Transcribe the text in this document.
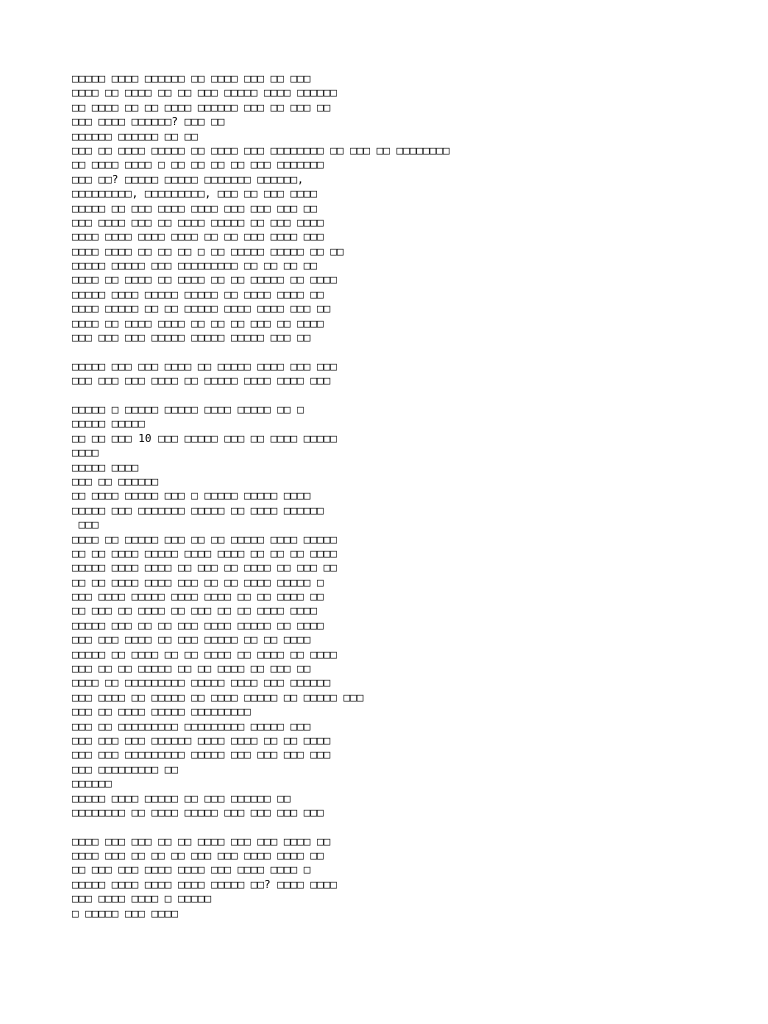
□□□□□ □□□□ □□□□□□ □□ □□□□ □□□ □□ □□□
□□□□ □□ □□□□ □□ □□ □□□ □□□□□ □□□□ □□□□□□
□□ □□□□ □□ □□ □□□□ □□□□□□ □□□ □□ □□□ □□
□□□ □□□□ □□□□□□? □□□ □□
□□□□□□ □□□□□□ □□ □□
□□□ □□ □□□□ □□□□□ □□ □□□□ □□□ □□□□□□□□ □□ □□□ □□ □□□□□□□□
□□ □□□□ □□□□ □ □□ □□ □□ □□ □□□ □□□□□□□
□□□ □□? □□□□□ □□□□□ □□□□□□□ □□□□□□,
□□□□□□□□□, □□□□□□□□□, □□□ □□ □□□ □□□□
□□□□□ □□ □□□ □□□□ □□□□ □□□ □□□ □□□ □□
□□□ □□□□ □□□ □□ □□□□ □□□□□ □□ □□□ □□□□
□□□□ □□□□ □□□□ □□□□ □□ □□ □□□ □□□□ □□□
□□□□ □□□□ □□ □□ □□ □ □□ □□□□□ □□□□□ □□ □□
□□□□□ □□□□□ □□□ □□□□□□□□□ □□ □□ □□ □□
□□□□ □□ □□□□ □□ □□□□ □□ □□ □□□□□ □□ □□□□
□□□□□ □□□□ □□□□□ □□□□□ □□ □□□□ □□□□ □□
□□□□ □□□□□ □□ □□ □□□□□ □□□□ □□□□ □□□ □□
□□□□ □□ □□□□ □□□□ □□ □□ □□ □□□ □□ □□□□
□□□ □□□ □□□ □□□□□ □□□□□ □□□□□ □□□ □□
□□□□□ □□□ □□□ □□□□ □□ □□□□□ □□□□ □□□ □□□
□□□ □□□ □□□ □□□□ □□ □□□□□ □□□□ □□□□ □□□
□□□□□ □ □□□□□ □□□□□ □□□□ □□□□□ □□ □
□□□□□ □□□□□
□□ □□ □□□ 10 □□□ □□□□□ □□□ □□ □□□□ □□□□□
□□□□
□□□□□ □□□□
□□□ □□ □□□□□□
□□ □□□□ □□□□□ □□□ □ □□□□□ □□□□□ □□□□
□□□□□ □□□ □□□□□□□ □□□□□ □□ □□□□ □□□□□□
□□□
□□□□ □□ □□□□□ □□□ □□ □□ □□□□□ □□□□ □□□□□
□□ □□ □□□□ □□□□□ □□□□ □□□□ □□ □□ □□ □□□□
□□□□□ □□□□ □□□□ □□ □□□ □□ □□□□ □□ □□□ □□
□□ □□ □□□□ □□□□ □□□ □□ □□ □□□□ □□□□□ □
□□□ □□□□ □□□□□ □□□□ □□□□ □□ □□ □□□□ □□
□□ □□□ □□ □□□□ □□ □□□ □□ □□ □□□□ □□□□
□□□□□ □□□ □□ □□ □□□ □□□□ □□□□□ □□ □□□□
□□□ □□□ □□□□ □□ □□□ □□□□□ □□ □□ □□□□
□□□□□ □□ □□□□ □□ □□ □□□□ □□ □□□□ □□ □□□□
□□□ □□ □□ □□□□□ □□ □□ □□□□ □□ □□□ □□
□□□□ □□ □□□□□□□□□ □□□□□ □□□□ □□□ □□□□□□
□□□ □□□□ □□ □□□□□ □□ □□□□ □□□□□ □□ □□□□□ □□□
□□□ □□ □□□□ □□□□□ □□□□□□□□□
□□□ □□ □□□□□□□□□ □□□□□□□□□ □□□□□ □□□
□□□ □□□ □□□ □□□□□□ □□□□ □□□□ □□ □□ □□□□
□□□ □□□ □□□□□□□□□ □□□□□ □□□ □□□ □□□ □□□
□□□ □□□□□□□□□ □□
□□□□□□
□□□□□ □□□□ □□□□□ □□ □□□ □□□□□□ □□
□□□□□□□□ □□ □□□□ □□□□□ □□□ □□□ □□□ □□□
□□□□ □□□ □□□ □□ □□ □□□□ □□□ □□□ □□□□ □□
□□□□ □□□ □□ □□ □□ □□□ □□□ □□□□ □□□□ □□
□□ □□□ □□□ □□□□ □□□□ □□□ □□□□ □□□□ □
□□□□□ □□□□ □□□□ □□□□ □□□□□ □□? □□□□ □□□□
□□□ □□□□ □□□□ □ □□□□□
□ □□□□□ □□□ □□□□
